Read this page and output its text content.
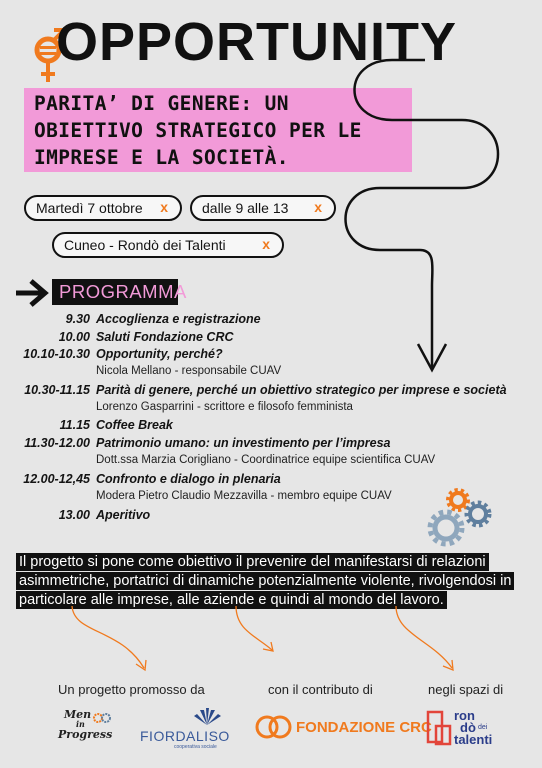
OPPORTUNITY
PARITA’ DI GENERE: UN
OBIETTIVO STRATEGICO PER LE
IMPRESE E LA SOCIETÀ.
Martedì 7 ottobre x dalle 9 alle 13 x
Cuneo - Rondò dei Talenti	x
PROGRAMMA
9.30 Accoglienza e registrazione
10.00 Saluti Fondazione CRC
10.10-10.30 Opportunity, perché?
Nicola Mellano - responsabile CUAV
10.30-11.15 Parità di genere, perché un obiettivo strategico per imprese e società
Lorenzo Gasparrini - scrittore e filosofo femminista
11.15 Coffee Break
11.30-12.00 Patrimonio umano: un investimento per l’impresa
Dott.ssa Marzia Corigliano - Coordinatrice equipe scientifica CUAV
12.00-12,45 Confronto e dialogo in plenaria
Modera Pietro Claudio Mezzavilla - membro equipe CUAV
13.00 Aperitivo
Il progetto si pone come obiettivo il prevenire del manifestarsi di relazioni asimmetriche, portatrici di dinamiche potenzialmente violente, rivolgendosi in particolare alle imprese, alle aziende e quindi al mondo del lavoro.
Un progetto promosso da	con il contributo di	negli spazi di
Men
in
Progress FIORDALISO
cooperativa sociale
FONDAZIONE CRC
ron
dò dei
talenti
